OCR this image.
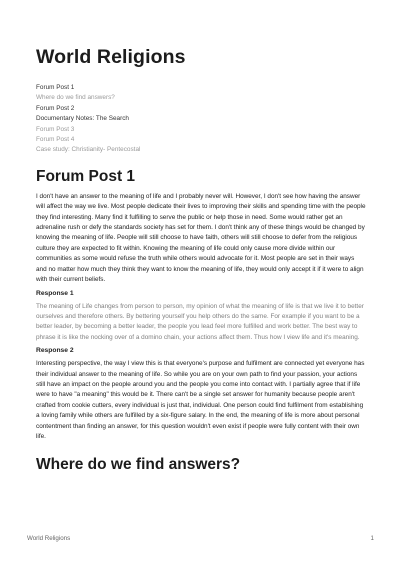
World Religions
Forum Post 1
Where do we find answers?
Forum Post 2
Documentary Notes: The Search
Forum Post 3
Forum Post 4
Case study: Christianity- Pentecostal
Forum Post 1

I don't have an answer to the meaning of life and I probably never will. However, I don't see how having the answer will affect the way we live. Most people dedicate their lives to improving their skills and spending time with the people they find interesting. Many find it fulfilling to serve the public or help those in need. Some would rather get an adrenaline rush or defy the standards society has set for them. I don't think any of these things would be changed by knowing the meaning of life. People will still choose to have faith, others will still choose to defer from the religious culture they are expected to fit within. Knowing the meaning of life could only cause more divide within our communities as some would refuse the truth while others would advocate for it. Most people are set in their ways and no matter how much they think they want to know the meaning of life, they would only accept it if it were to align with their current beliefs.

Response 1

The meaning of Life changes from person to person, my opinion of what the meaning of life is that we live it to better ourselves and therefore others. By bettering yourself you help others do the same. For example if you want to be a better leader, by becoming a better leader, the people you lead feel more fulfilled and work better. The best way to phrase it is like the nocking over of a domino chain, your actions affect them. Thus how I view life and it's meaning.

Response 2

Interesting perspective, the way I view this is that everyone's purpose and fulfilment are connected yet everyone has their individual answer to the meaning of life. So while you are on your own path to find your passion, your actions still have an impact on the people around you and the people you come into contact with. I partially agree that if life were to have "a meaning" this would be it. There can't be a single set answer for humanity because people aren't crafted from cookie cutters, every individual is just that, individual. One person could find fulfilment from establishing a loving family while others are fulfilled by a six-figure salary. In the end, the meaning of life is more about personal contentment than finding an answer, for this question wouldn't even exist if people were fully content with their own life.

Where do we find answers?
World Religions	1
